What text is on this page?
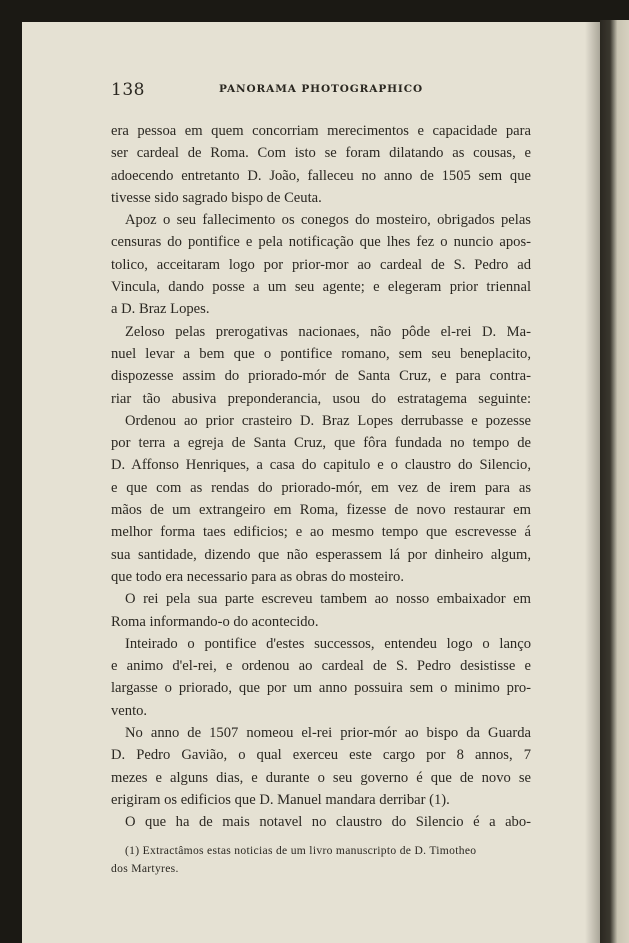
138	PANORAMA PHOTOGRAPHICO
era pessoa em quem concorriam merecimentos e capacidade para
ser cardeal de Roma. Com isto se foram dilatando as cousas, e
adoecendo entretanto D. João, falleceu no anno de 1505 sem que
tivesse sido sagrado bispo de Ceuta.
Apoz o seu fallecimento os conegos do mosteiro, obrigados pelas
censuras do pontifice e pela notificação que lhes fez o nuncio apos-
tolico, acceitaram logo por prior-mor ao cardeal de S. Pedro ad
Vincula, dando posse a um seu agente; e elegeram prior triennal
a D. Braz Lopes.
Zeloso pelas prerogativas nacionaes, não pôde el-rei D. Ma-
nuel levar a bem que o pontifice romano, sem seu beneplacito,
dispozesse assim do priorado-mór de Santa Cruz, e para contra-
riar tão abusiva preponderancia, usou do estratagema seguinte:
Ordenou ao prior crasteiro D. Braz Lopes derrubasse e pozesse
por terra a egreja de Santa Cruz, que fôra fundada no tempo de
D. Affonso Henriques, a casa do capitulo e o claustro do Silencio,
e que com as rendas do priorado-mór, em vez de irem para as
mãos de um extrangeiro em Roma, fizesse de novo restaurar em
melhor forma taes edificios; e ao mesmo tempo que escrevesse á
sua santidade, dizendo que não esperassem lá por dinheiro algum,
que todo era necessario para as obras do mosteiro.
O rei pela sua parte escreveu tambem ao nosso embaixador em
Roma informando-o do acontecido.
Inteirado o pontifice d'estes successos, entendeu logo o lanço
e animo d'el-rei, e ordenou ao cardeal de S. Pedro desistisse e
largasse o priorado, que por um anno possuira sem o minimo pro-
vento.
No anno de 1507 nomeou el-rei prior-mór ao bispo da Guarda
D. Pedro Gavião, o qual exerceu este cargo por 8 annos, 7
mezes e alguns dias, e durante o seu governo é que de novo se
erigiram os edificios que D. Manuel mandara derribar (1).
O que ha de mais notavel no claustro do Silencio é a abo-
(1) Extractâmos estas noticias de um livro manuscripto de D. Timotheo
dos Martyres.
